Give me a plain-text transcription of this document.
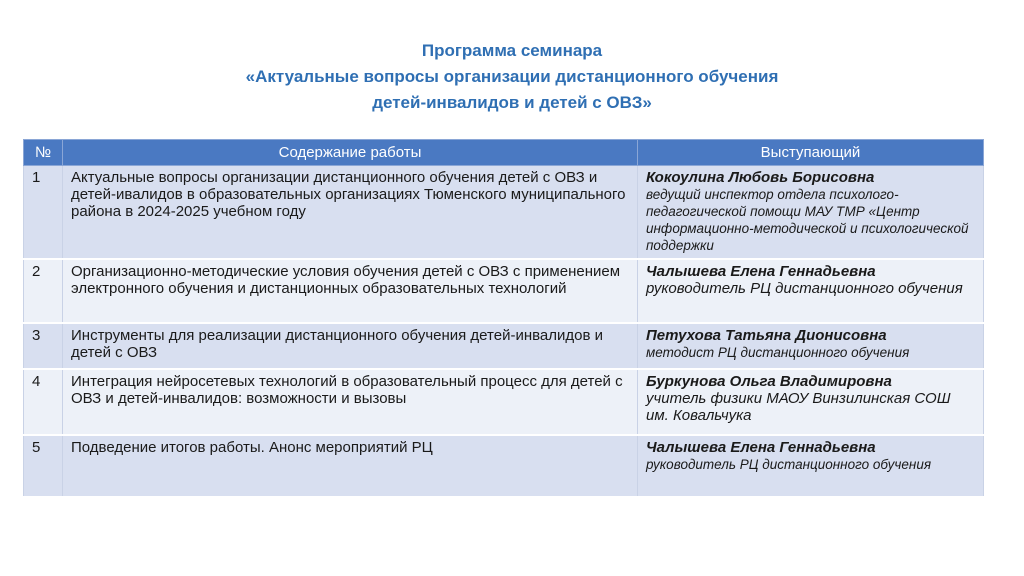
Программа семинара
«Актуальные вопросы организации дистанционного обучения
детей-инвалидов и детей с ОВЗ»
№	Содержание работы	Выступающий
1	Актуальные вопросы организации дистанционного обучения детей с ОВЗ и детей-ивалидов в образовательных организациях Тюменского муниципального района в 2024-2025 учебном году	Кокоулина Любовь Борисовна
ведущий инспектор отдела психолого-педагогической помощи МАУ ТМР «Центр информационно-методической и психологической поддержки

2	Организационно-методические условия обучения детей с ОВЗ с применением электронного обучения и дистанционных образовательных технологий	Чалышева Елена Геннадьевна
руководитель РЦ дистанционного обучения

3	Инструменты для реализации дистанционного обучения детей-инвалидов и детей с ОВЗ	Петухова Татьяна Дионисовна
методист РЦ дистанционного обучения

4	Интеграция нейросетевых технологий в образовательный процесс для детей с ОВЗ и детей-инвалидов: возможности и вызовы	Буркунова Ольга Владимировна
учитель физики МАОУ Винзилинская СОШ им. Ковальчука

5	Подведение итогов работы. Анонс мероприятий РЦ	Чалышева Елена Геннадьевна
руководитель РЦ дистанционного обучения
